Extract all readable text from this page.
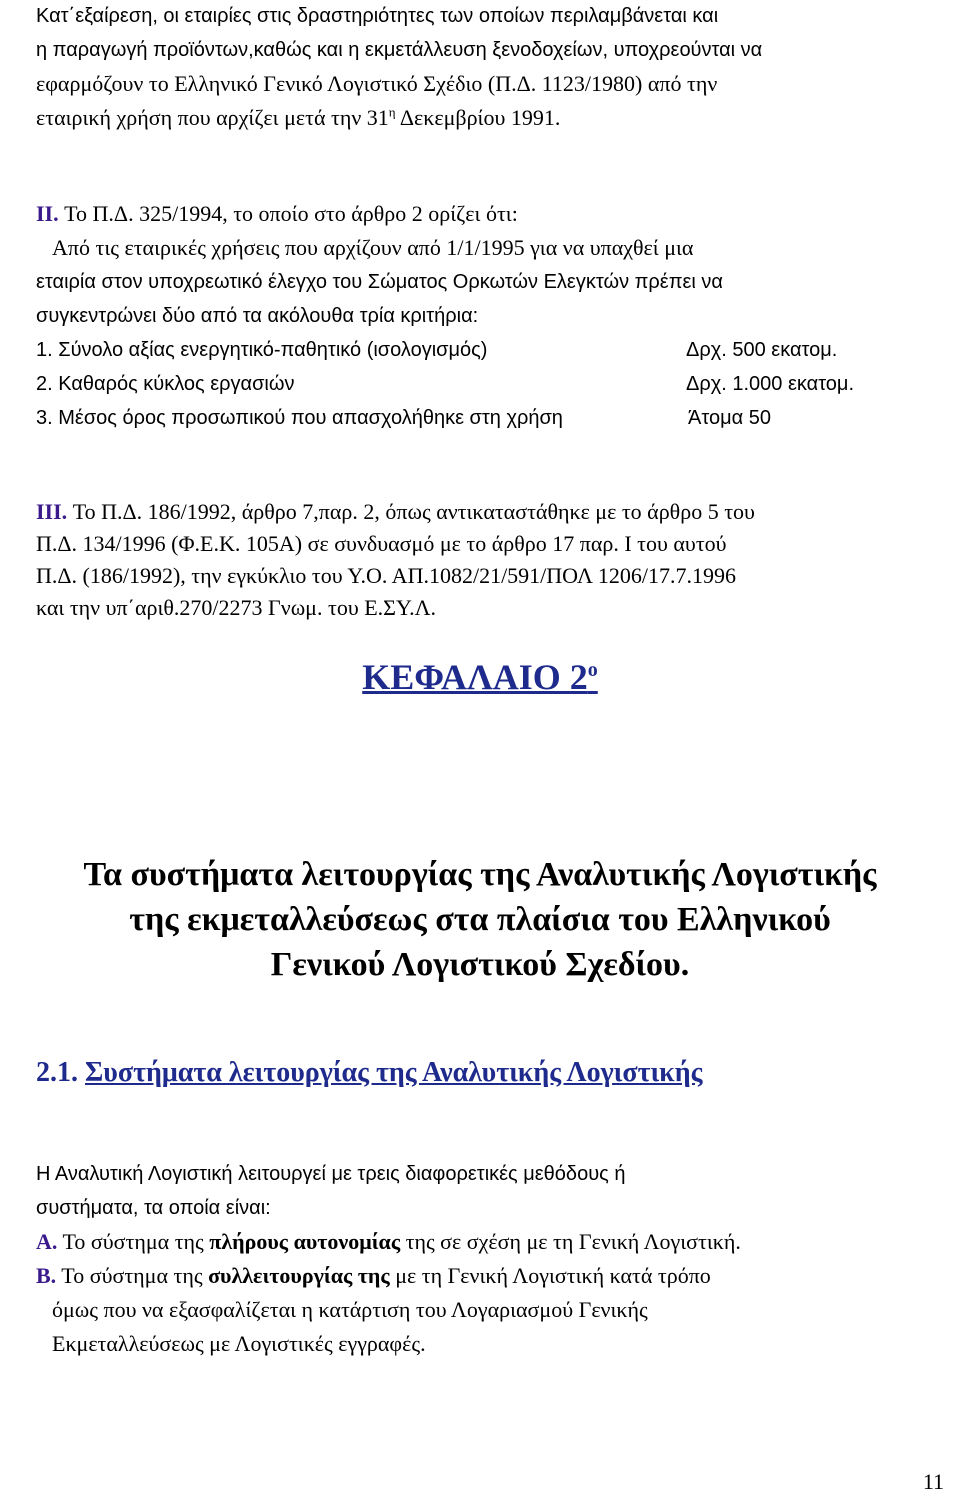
Κατ΄εξαίρεση, οι εταιρίες στις δραστηριότητες των οποίων περιλαμβάνεται και
η παραγωγή προϊόντων,καθώς και η εκμετάλλευση ξενοδοχείων, υποχρεούνται να
εφαρμόζουν το Ελληνικό Γενικό Λογιστικό Σχέδιο (Π.Δ. 1123/1980) από την
εταιρική χρήση που αρχίζει μετά την $31^\eta$ Δεκεμβρίου 1991.
II. Το Π.Δ. 325/1994, το οποίο στο άρθρο 2 ορίζει ότι:
Από τις εταιρικές χρήσεις που αρχίζουν από 1/1/1995 για να υπαχθεί μια
εταιρία στον υποχρεωτικό έλεγχο του Σώματος Ορκωτών Ελεγκτών πρέπει να
συγκεντρώνει δύο από τα ακόλουθα τρία κριτήρια:
1. Σύνολο αξίας ενεργητικό-παθητικό (ισολογισμός)	Δρχ. 500 εκατομ.
2. Καθαρός κύκλος εργασιών	Δρχ. 1.000 εκατομ.
3. Μέσος όρος προσωπικού που απασχολήθηκε στη χρήση	Άτομα 50
III. Το Π.Δ. 186/1992, άρθρο 7,παρ. 2, όπως αντικαταστάθηκε με το άρθρο 5 του
Π.Δ. 134/1996 (Φ.Ε.Κ. 105Α) σε συνδυασμό με το άρθρο 17 παρ. Ι του αυτού
Π.Δ. (186/1992), την εγκύκλιο του Υ.Ο. ΑΠ.1082/21/591/ΠΟΛ 1206/17.7.1996
και την υπ΄αριθ.270/2273 Γνωμ. του Ε.ΣΥ.Λ.
ΚΕΦΑΛΑΙΟ $2^o$
Τα συστήματα λειτουργίας της Αναλυτικής Λογιστικής
της εκμεταλλεύσεως στα πλαίσια του Ελληνικού
Γενικού Λογιστικού Σχεδίου.
2.1. Συστήματα λειτουργίας της Αναλυτικής Λογιστικής
Η Αναλυτική Λογιστική λειτουργεί με τρεις διαφορετικές μεθόδους ή
συστήματα, τα οποία είναι:
Α. Το σύστημα της πλήρους αυτονομίας της σε σχέση με τη Γενική Λογιστική.
Β. Το σύστημα της συλλειτουργίας της με τη Γενική Λογιστική κατά τρόπο
όμως που να εξασφαλίζεται η κατάρτιση του Λογαριασμού Γενικής
Εκμεταλλεύσεως με Λογιστικές εγγραφές.
11
